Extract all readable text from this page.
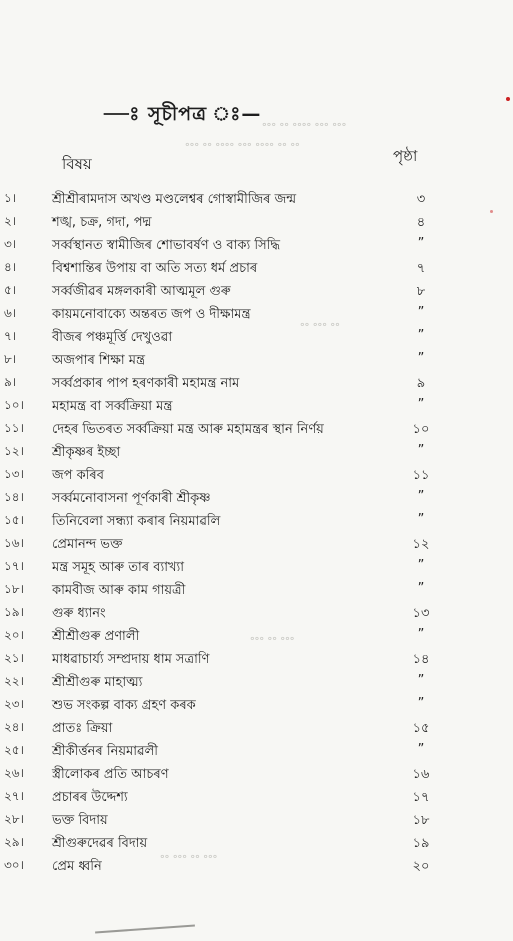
॰॰॰ ॰॰ ॰॰॰॰ ॰॰॰ ॰॰॰
॰॰॰ ॰॰ ॰॰॰॰ ॰॰॰ ॰॰॰॰ ॰॰ ॰॰
॰॰ ॰॰॰ ॰॰
॰॰॰ ॰॰ ॰॰॰
॰॰ ॰॰॰ ॰॰ ॰॰॰
—ঃ সূচীপত্ৰ ঃ—
বিষয়	পৃষ্ঠা
১।	শ্ৰীশ্ৰীৰামদাস অখণ্ড মণ্ডলেশ্বৰ গোস্বামীজিৰ জন্ম	৩
২।	শঙ্খ, চক্ৰ, গদা, পদ্ম	৪
৩।	সৰ্ব্বস্থানত স্বামীজিৰ শোভাবৰ্ষণ ও বাক্য সিদ্ধি	”
৪।	বিশ্বশান্তিৰ উপায় বা অতি সত্য ধৰ্ম প্ৰচাৰ	৭
৫।	সৰ্ব্বজীৱৰ মঙ্গলকাৰী আত্মমূল গুৰু	৮
৬।	কায়মনোবাক্যে অন্তৰত জপ ও দীক্ষামন্ত্ৰ	”
৭।	বীজৰ পঞ্চমূৰ্ত্তি দেখুওৱা	”
৮।	অজপাৰ শিক্ষা মন্ত্ৰ	”
৯।	সৰ্ব্বপ্ৰকাৰ পাপ হৰণকাৰী মহামন্ত্ৰ নাম	৯
১০।	মহামন্ত্ৰ বা সৰ্ব্বক্ৰিয়া মন্ত্ৰ	”
১১।	দেহৰ ভিতৰত সৰ্ব্বক্ৰিয়া মন্ত্ৰ আৰু মহামন্ত্ৰৰ স্থান নিৰ্ণয়	১০
১২।	শ্ৰীকৃষ্ণৰ ইচ্ছা	”
১৩।	জপ কৰিব	১১
১৪।	সৰ্ব্বমনোবাসনা পূৰ্ণকাৰী শ্ৰীকৃষ্ণ	”
১৫।	তিনিবেলা সন্ধ্যা কৰাৰ নিয়মাৱলি	”
১৬।	প্ৰেমানন্দ ভক্ত	১২
১৭।	মন্ত্ৰ সমূহ আৰু তাৰ ব্যাখ্যা	”
১৮।	কামবীজ আৰু কাম গায়ত্ৰী	”
১৯।	গুৰু ধ্যানং	১৩
২০।	শ্ৰীশ্ৰীগুৰু প্ৰণালী	”
২১।	মাধৱাচাৰ্য্য সম্প্ৰদায় ধাম সত্ৰাণি	১৪
২২।	শ্ৰীশ্ৰীগুৰু মাহাত্ম্য	”
২৩।	শুভ সংকল্প বাক্য গ্ৰহণ কৰক	”
২৪।	প্ৰাতঃ ক্ৰিয়া	১৫
২৫।	শ্ৰীকীৰ্ত্তনৰ নিয়মাৱলী	”
২৬।	স্ত্ৰীলোকৰ প্ৰতি আচৰণ	১৬
২৭।	প্ৰচাৰৰ উদ্দেশ্য	১৭
২৮।	ভক্ত বিদায়	১৮
২৯।	শ্ৰীগুৰুদেৱৰ বিদায়	১৯
৩০।	প্ৰেম ধ্বনি	২০
